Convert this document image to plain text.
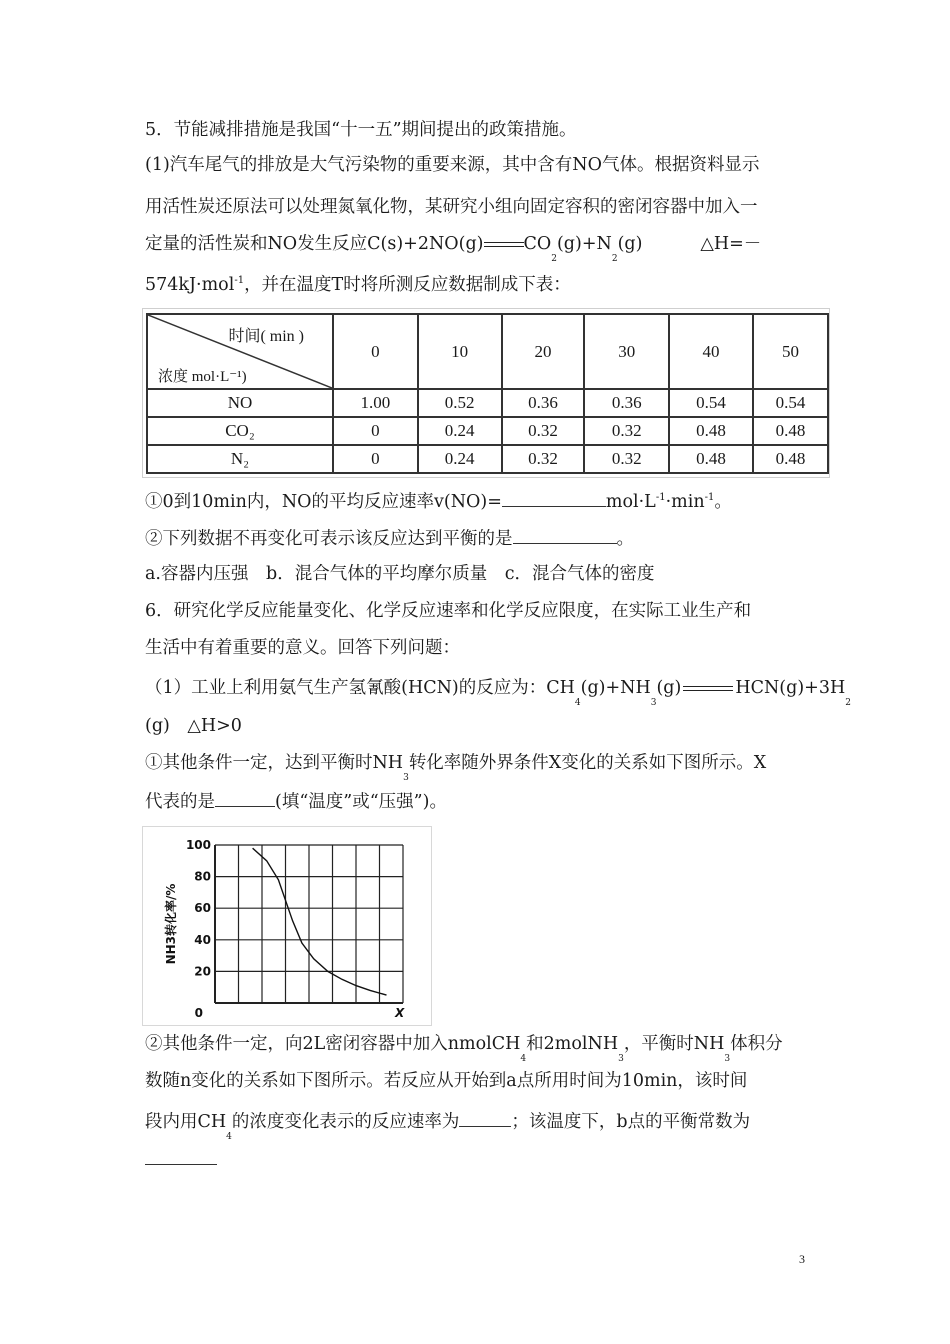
5．节能减排措施是我国“十一五”期间提出的政策措施。
(1)汽车尾气的排放是大气污染物的重要来源，其中含有NO气体。根据资料显示
用活性炭还原法可以处理氮氧化物，某研究小组向固定容积的密闭容器中加入一
定量的活性炭和NO发生反应C(s)+2NO(g) $CO_2(g)+N_2(g)$	△H=－
574kJ·mol$^{-1}$，并在温度T时将所测反应数据制成下表：
时间( min )
浓度 mol·L⁻¹)	0	10	20	30	40	50
NO	1.00	0.52	0.36	0.36	0.54	0.54
CO₂	0	0.24	0.32	0.32	0.48	0.48
N₂	0	0.24	0.32	0.32	0.48	0.48
①0到10min内，NO的平均反应速率v(NO)=	$mol\cdot L^{-1}\cdot\min^{-1}$。
②下列数据不再变化可表示该反应达到平衡的是	。
a.容器内压强　b．混合气体的平均摩尔质量　c．混合气体的密度
6．研究化学反应能量变化、化学反应速率和化学反应限度，在实际工业生产和
生活中有着重要的意义。回答下列问题：
（1）工业上利用氨气生产氢氰酸(HCN)的反应为：$CH_4(g)+NH_3(g)$	$HCN(g)+3H_2$
(g)　△H>0
①其他条件一定，达到平衡时$NH_3$转化率随外界条件X变化的关系如下图所示。X
代表的是	(填“温度”或“压强”)。
20
40
60
80
100
0	X
NH3转化率/%
②其他条件一定，向2L密闭容器中加入nmolCH$_4$和2molNH$_3$，平衡时$NH_3$体积分
数随n变化的关系如下图所示。若反应从开始到a点所用时间为10min，该时间
段内用$CH_4$的浓度变化表示的反应速率为	；该温度下，b点的平衡常数为
3
